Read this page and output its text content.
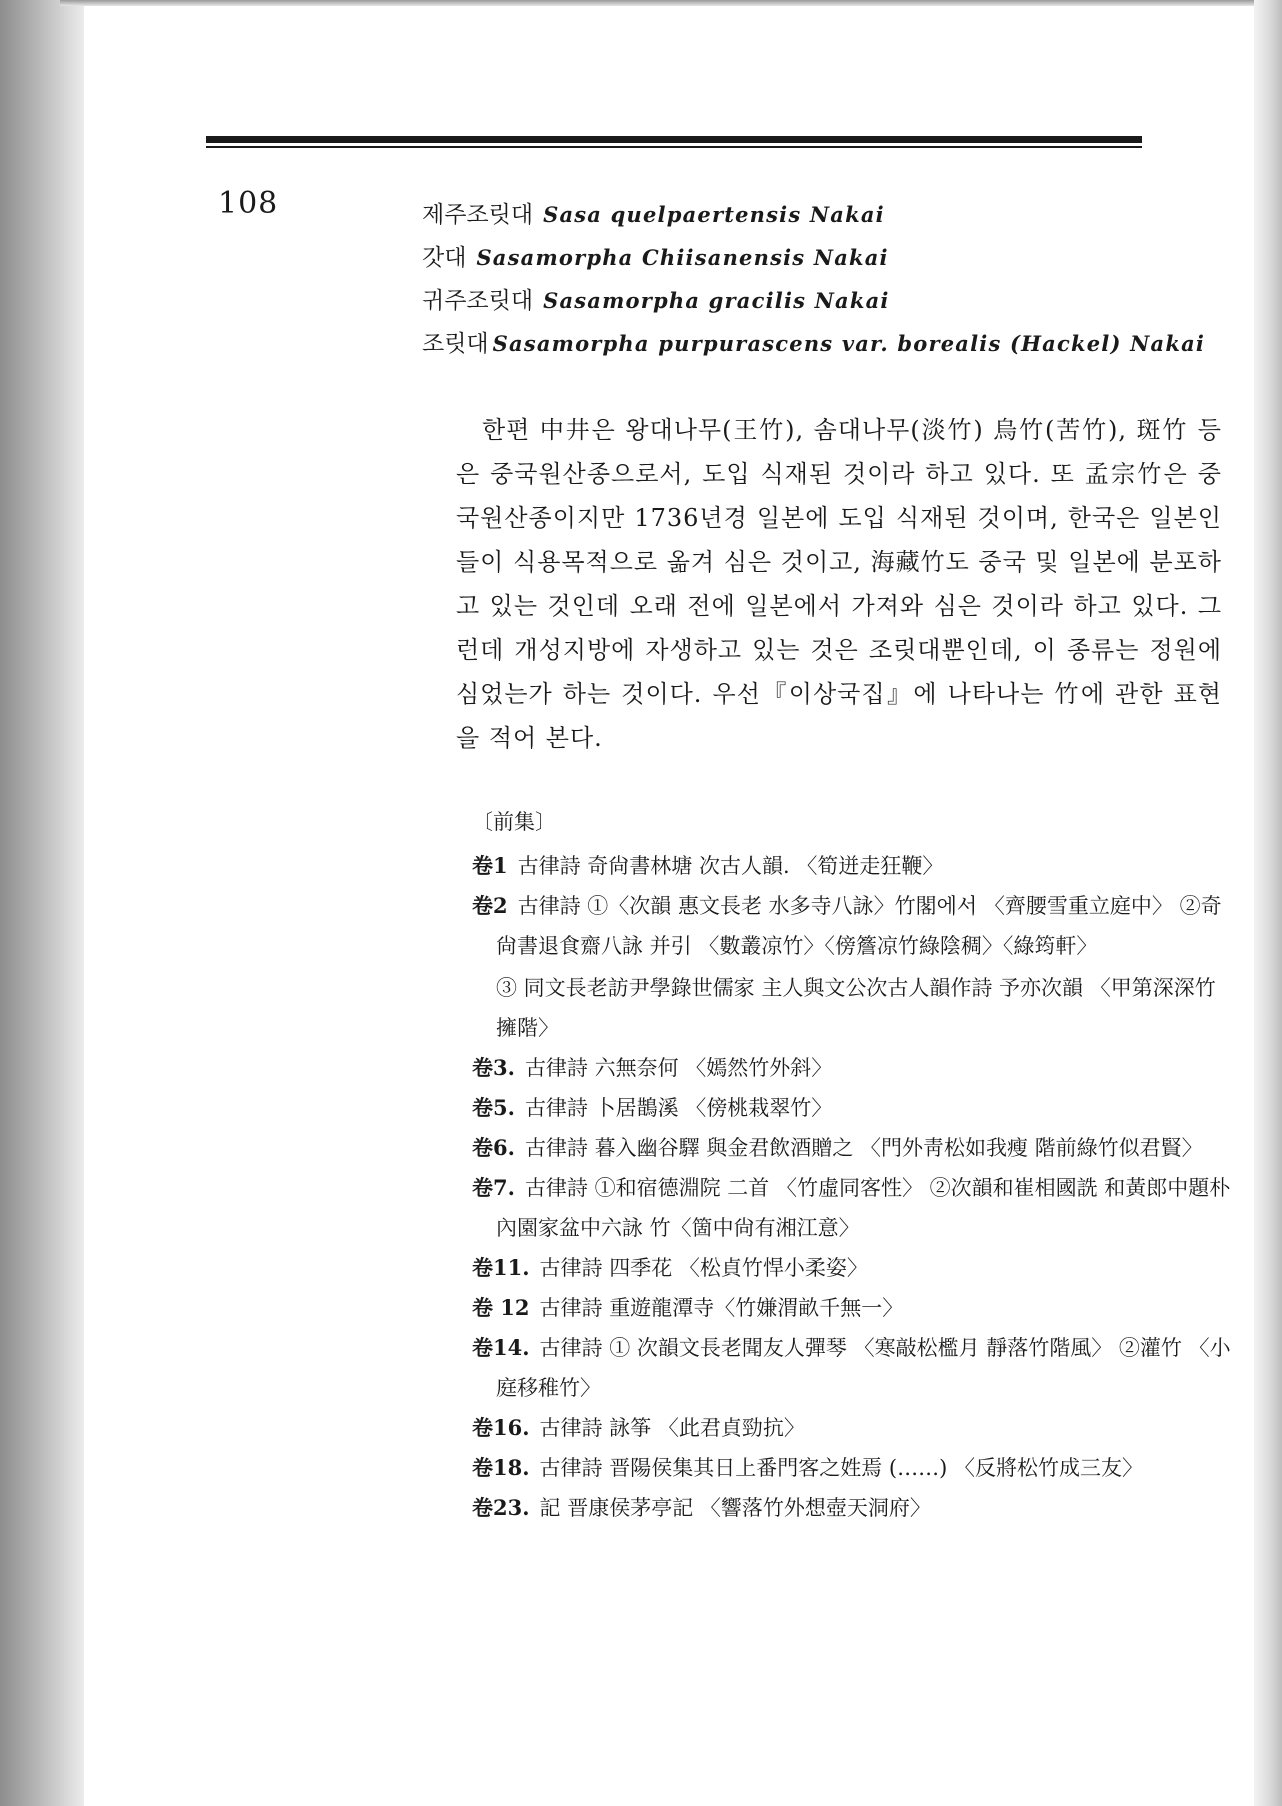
108	제주조릿대 Sasa quelpaertensis Nakai
갓대 Sasamorpha Chiisanensis Nakai
귀주조릿대 Sasamorpha gracilis Nakai
조릿대 Sasamorpha purpurascens var. borealis (Hackel) Nakai
한편 中井은 왕대나무(王竹), 솜대나무(淡竹) 烏竹(苦竹), 斑竹 등은 중국원산종으로서, 도입 식재된 것이라 하고 있다. 또 孟宗竹은 중국원산종이지만 1736년경 일본에 도입 식재된 것이며, 한국은 일본인들이 식용목적으로 옮겨 심은 것이고, 海藏竹도 중국 및 일본에 분포하고 있는 것인데 오래 전에 일본에서 가져와 심은 것이라 하고 있다. 그런데 개성지방에 자생하고 있는 것은 조릿대뿐인데, 이 종류는 정원에 심었는가 하는 것이다. 우선『이상국집』에 나타나는 竹에 관한 표현을 적어 본다.
〔前集〕
卷1 古律詩 奇尙書林塘 次古人韻. 〈筍迸走狂鞭〉
卷2 古律詩 ①〈次韻 惠文長老 水多寺八詠〉竹閣에서 〈齊腰雪重立庭中〉 ②奇尙書退食齋八詠 并引 〈數叢凉竹〉〈傍簷凉竹綠陰稠〉〈綠筠軒〉
③ 同文長老訪尹學錄世儒家 主人與文公次古人韻作詩 予亦次韻 〈甲第深深竹擁階〉
卷3. 古律詩 六無奈何 〈嫣然竹外斜〉
卷5. 古律詩 卜居鵲溪 〈傍桃栽翠竹〉
卷6. 古律詩 暮入幽谷驛 與金君飲酒贈之 〈門外靑松如我瘦 階前綠竹似君賢〉
卷7. 古律詩 ①和宿德淵院 二首 〈竹虛同客性〉 ②次韻和崔相國詵 和黃郎中題朴內園家盆中六詠 竹〈箇中尙有湘江意〉
卷11. 古律詩 四季花 〈松貞竹悍小柔姿〉
卷 12 古律詩 重遊龍潭寺〈竹嫌渭畝千無一〉
卷14. 古律詩 ① 次韻文長老聞友人彈琴 〈寒敲松檻月 靜落竹階風〉 ②灌竹 〈小庭移稚竹〉
卷16. 古律詩 詠筝 〈此君貞勁抗〉
卷18. 古律詩 晋陽侯集其日上番門客之姓焉 (……) 〈反將松竹成三友〉
卷23. 記 晋康侯茅亭記 〈響落竹外想壺天洞府〉
